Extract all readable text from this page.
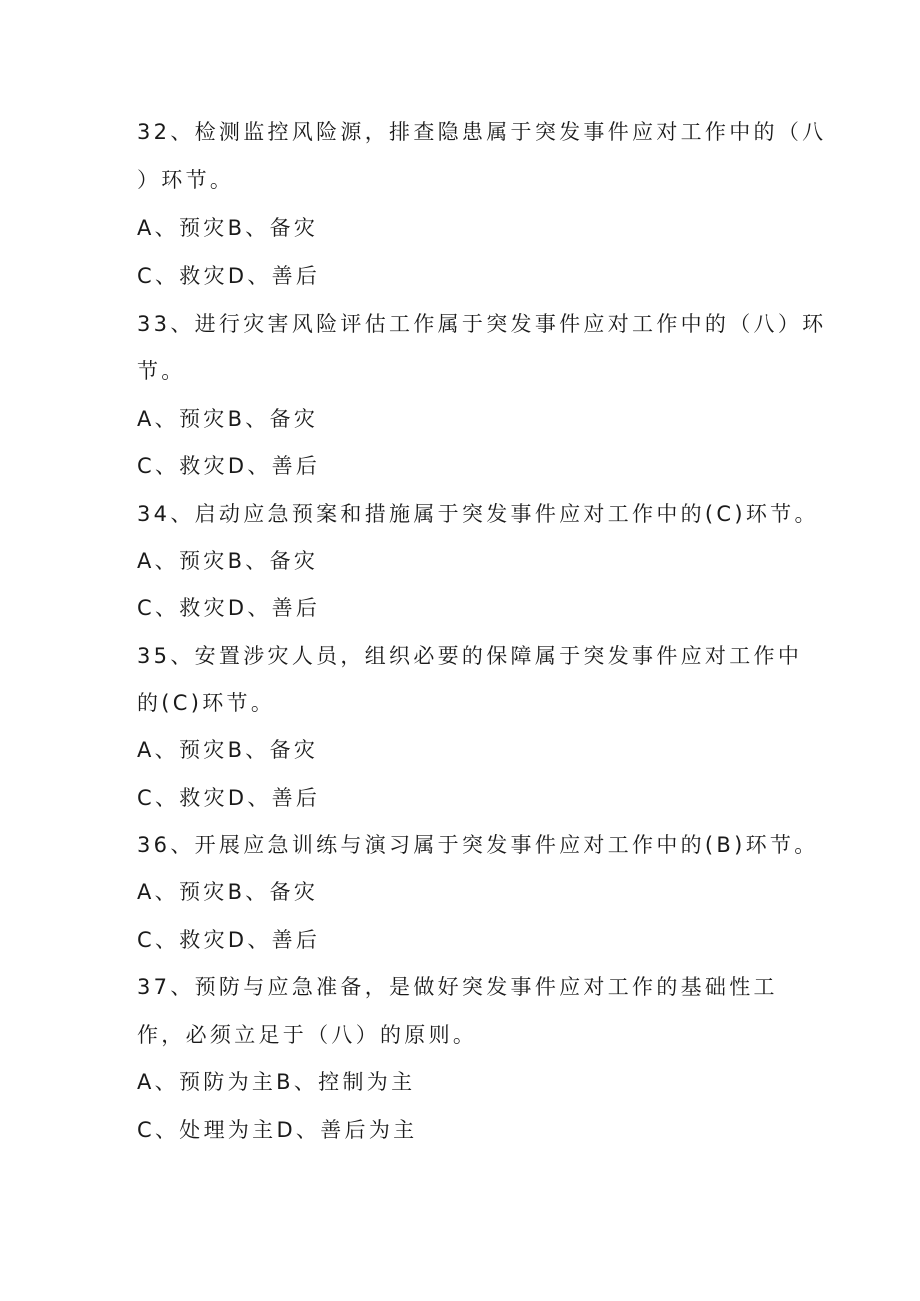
32、检测监控风险源，排查隐患属于突发事件应对工作中的（八
）环节。
A、预灾B、备灾
C、救灾D、善后
33、进行灾害风险评估工作属于突发事件应对工作中的（八）环
节。
A、预灾B、备灾
C、救灾D、善后
34、启动应急预案和措施属于突发事件应对工作中的(C)环节。
A、预灾B、备灾
C、救灾D、善后
35、安置涉灾人员，组织必要的保障属于突发事件应对工作中
的(C)环节。
A、预灾B、备灾
C、救灾D、善后
36、开展应急训练与演习属于突发事件应对工作中的(B)环节。
A、预灾B、备灾
C、救灾D、善后
37、预防与应急准备，是做好突发事件应对工作的基础性工
作，必须立足于（八）的原则。
A、预防为主B、控制为主
C、处理为主D、善后为主
